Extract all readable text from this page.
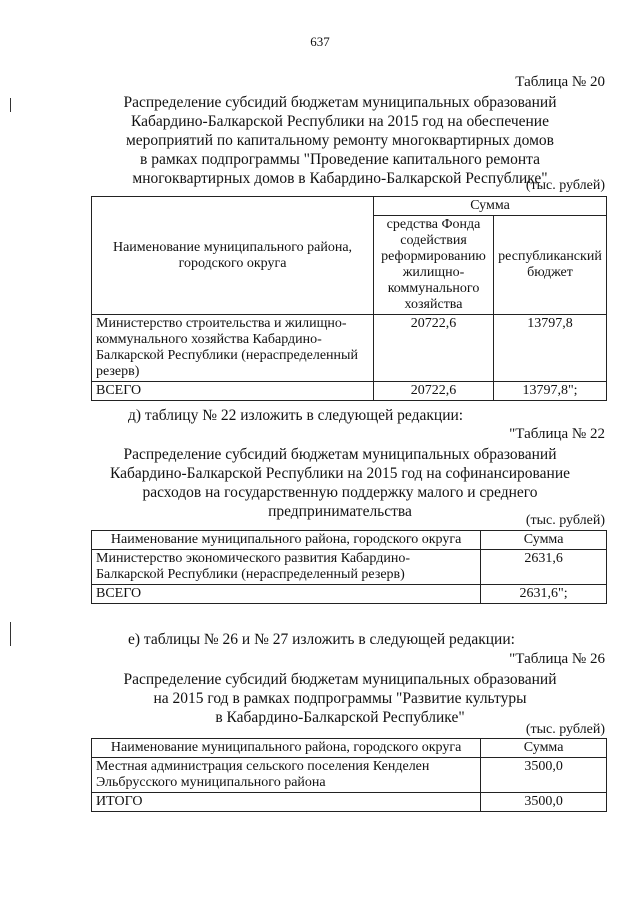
637
Таблица № 20
Распределение субсидий бюджетам муниципальных образований
Кабардино-Балкарской Республики на 2015 год на обеспечение
мероприятий по капитальному ремонту многоквартирных домов
в рамках подпрограммы "Проведение капитального ремонта
многоквартирных домов в Кабардино-Балкарской Республике"
(тыс. рублей)
Наименование муниципального района, городского округа	Сумма	
	средства Фонда содействия реформированию жилищно-коммунального хозяйства	республиканский бюджет
Министерство строительства и жилищно-коммунального хозяйства Кабардино-Балкарской Республики (нераспределенный резерв)	20722,6	13797,8
ВСЕГО	20722,6	13797,8";
д) таблицу № 22 изложить в следующей редакции:
"Таблица № 22
Распределение субсидий бюджетам муниципальных образований
Кабардино-Балкарской Республики на 2015 год на софинансирование
расходов на государственную поддержку малого и среднего
предпринимательства
(тыс. рублей)
Наименование муниципального района, городского округа	Сумма
Министерство экономического развития Кабардино-Балкарской Республики (нераспределенный резерв)	2631,6
ВСЕГО	2631,6";
е) таблицы № 26 и № 27 изложить в следующей редакции:
"Таблица № 26
Распределение субсидий бюджетам муниципальных образований
на 2015 год в рамках подпрограммы "Развитие культуры
в Кабардино-Балкарской Республике"
(тыс. рублей)
Наименование муниципального района, городского округа	Сумма
Местная администрация сельского поселения Кенделен Эльбрусского муниципального района	3500,0
ИТОГО	3500,0
